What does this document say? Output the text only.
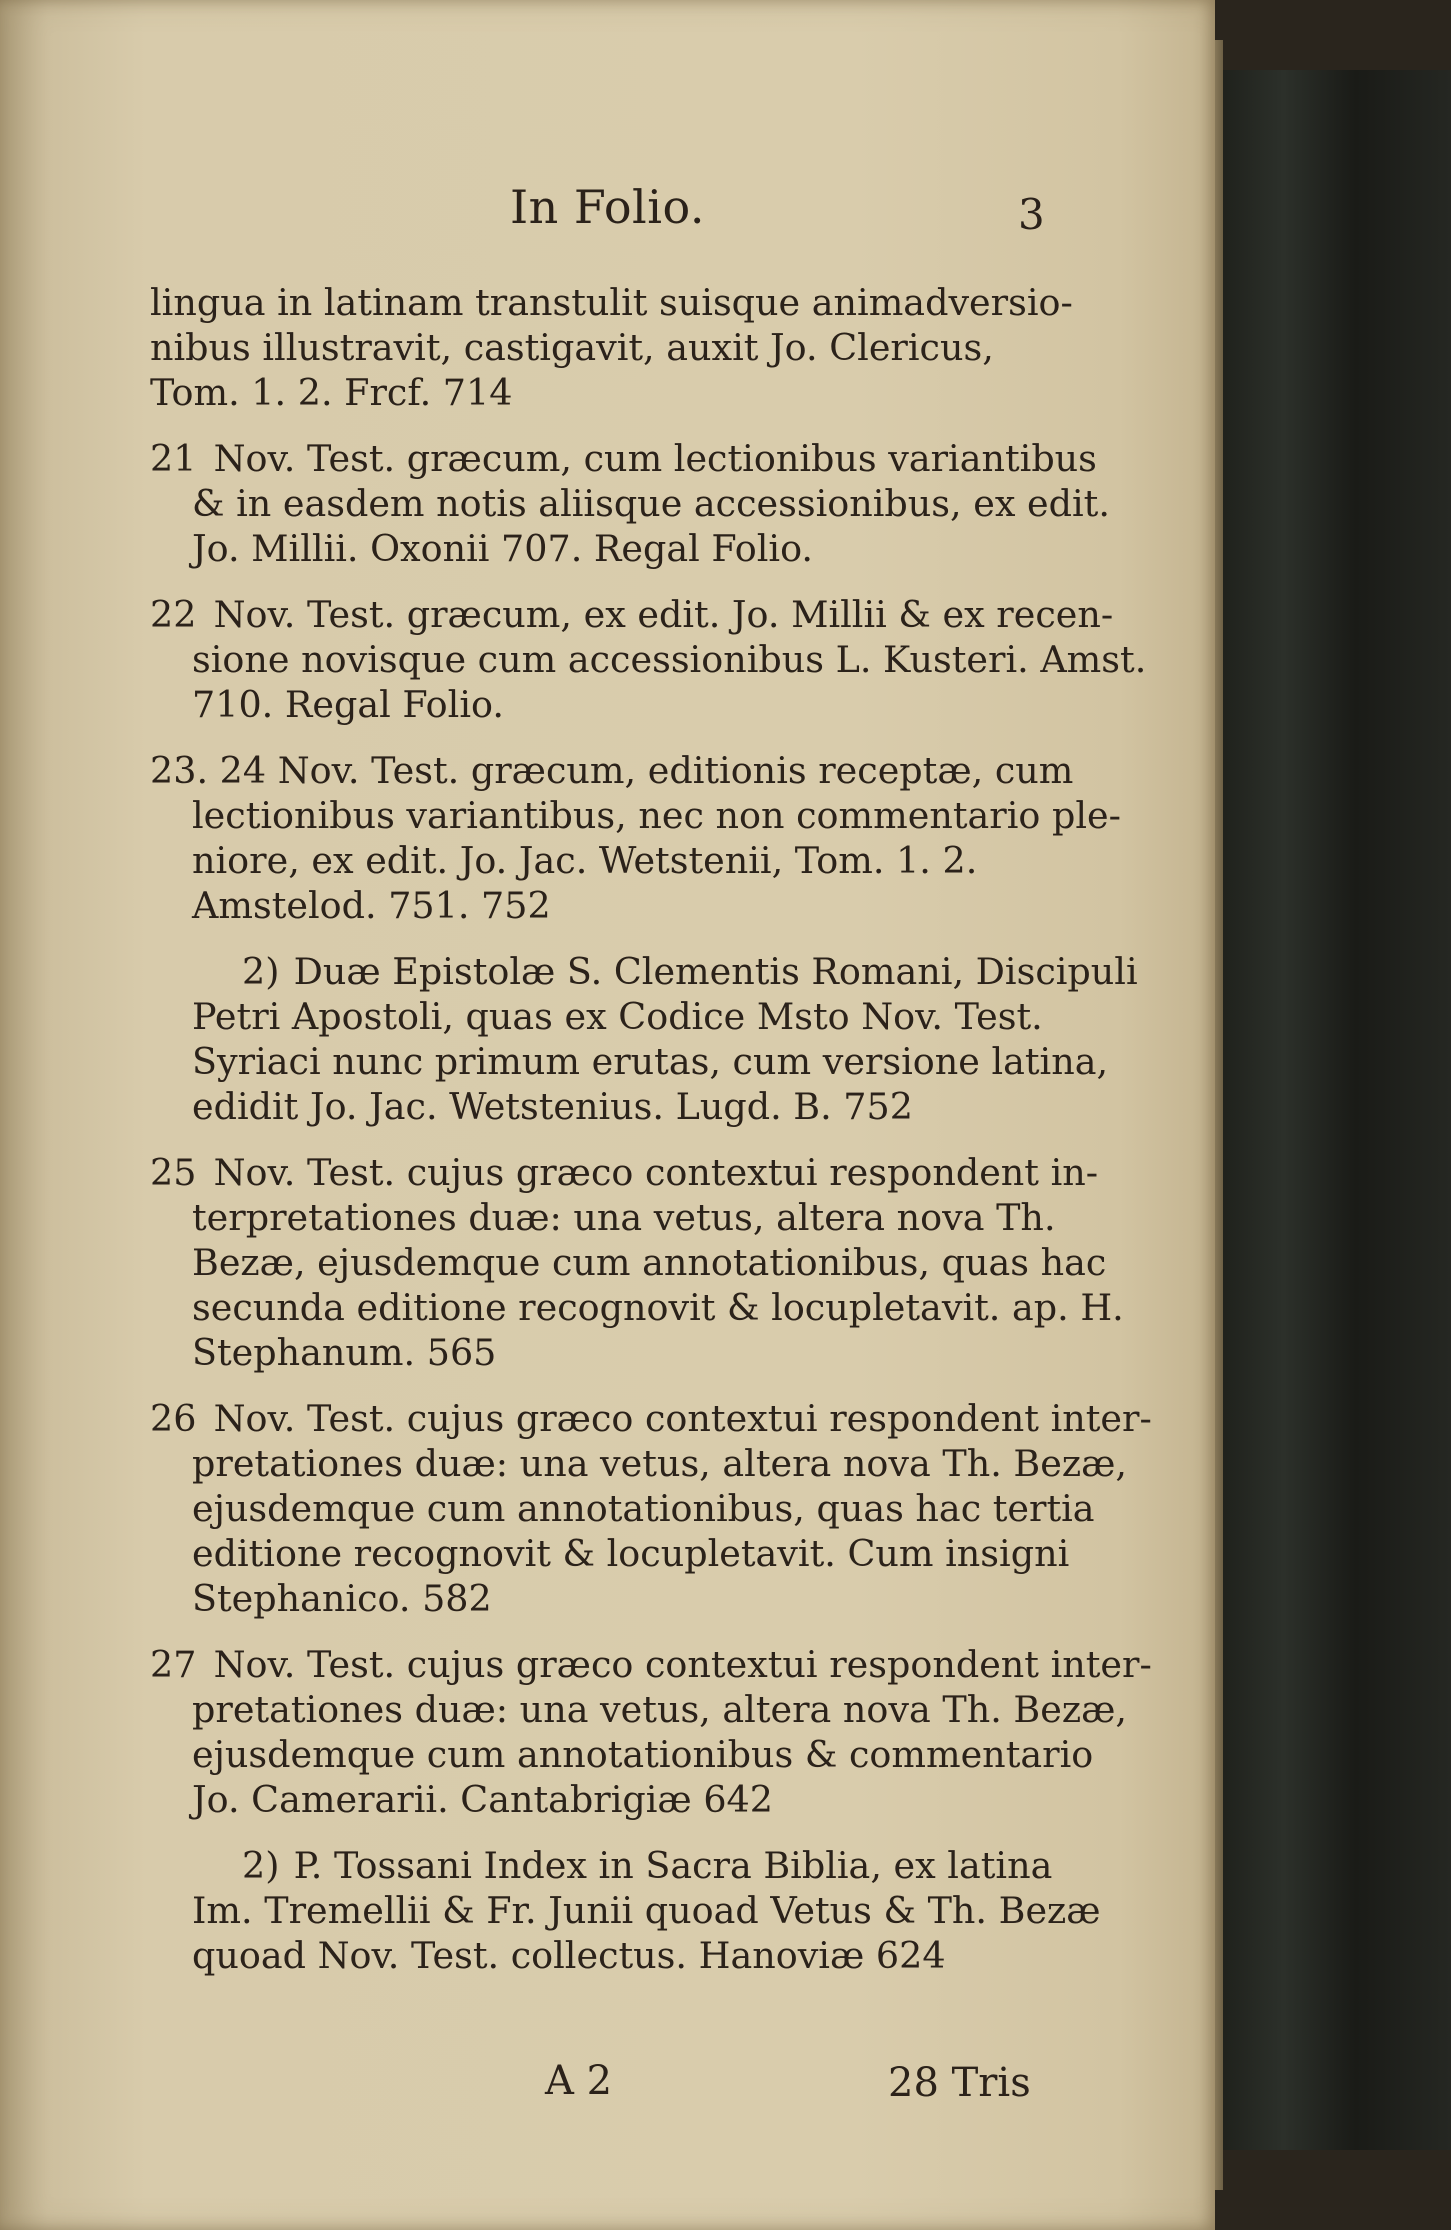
In Folio.	3
lingua in latinam transtulit suisque animadversio-
nibus illustravit, castigavit, auxit Jo. Clericus,
Tom. 1. 2. Frcf. 714
21 Nov. Test. græcum, cum lectionibus variantibus
& in easdem notis aliisque accessionibus, ex edit.
Jo. Millii. Oxonii 707. Regal Folio.
22 Nov. Test. græcum, ex edit. Jo. Millii & ex recen-
sione novisque cum accessionibus L. Kusteri. Amst.
710. Regal Folio.
23. 24 Nov. Test. græcum, editionis receptæ, cum
lectionibus variantibus, nec non commentario ple-
niore, ex edit. Jo. Jac. Wetstenii, Tom. 1. 2.
Amstelod. 751. 752
2) Duæ Epistolæ S. Clementis Romani, Discipuli
Petri Apostoli, quas ex Codice Msto Nov. Test.
Syriaci nunc primum erutas, cum versione latina,
edidit Jo. Jac. Wetstenius. Lugd. B. 752
25 Nov. Test. cujus græco contextui respondent in-
terpretationes duæ: una vetus, altera nova Th.
Bezæ, ejusdemque cum annotationibus, quas hac
secunda editione recognovit & locupletavit. ap. H.
Stephanum. 565
26 Nov. Test. cujus græco contextui respondent inter-
pretationes duæ: una vetus, altera nova Th. Bezæ,
ejusdemque cum annotationibus, quas hac tertia
editione recognovit & locupletavit. Cum insigni
Stephanico. 582
27 Nov. Test. cujus græco contextui respondent inter-
pretationes duæ: una vetus, altera nova Th. Bezæ,
ejusdemque cum annotationibus & commentario
Jo. Camerarii. Cantabrigiæ 642
2) P. Tossani Index in Sacra Biblia, ex latina
Im. Tremellii & Fr. Junii quoad Vetus & Th. Bezæ
quoad Nov. Test. collectus. Hanoviæ 624
A 2	28 Tris
